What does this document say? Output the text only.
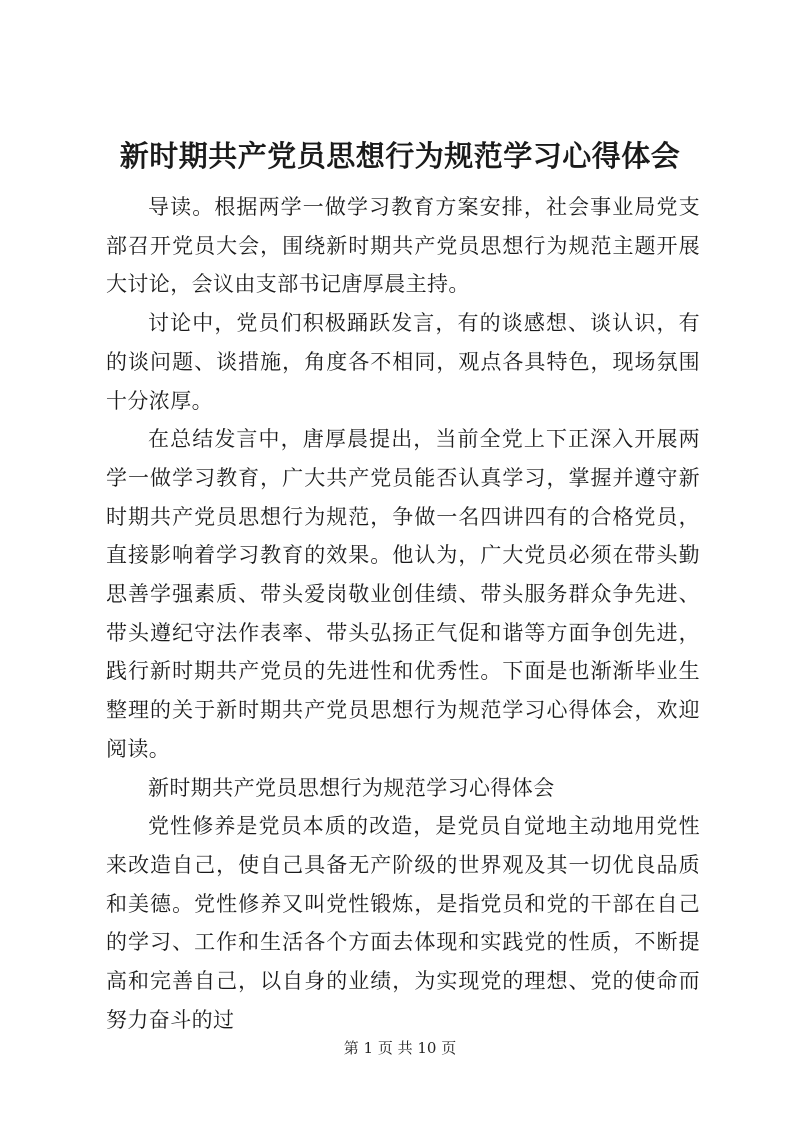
新时期共产党员思想行为规范学习心得体会

导读。根据两学一做学习教育方案安排，社会事业局党支部召开党员大会，围绕新时期共产党员思想行为规范主题开展大讨论，会议由支部书记唐厚晨主持。

讨论中，党员们积极踊跃发言，有的谈感想、谈认识，有的谈问题、谈措施，角度各不相同，观点各具特色，现场氛围十分浓厚。

在总结发言中，唐厚晨提出，当前全党上下正深入开展两学一做学习教育，广大共产党员能否认真学习，掌握并遵守新时期共产党员思想行为规范，争做一名四讲四有的合格党员，直接影响着学习教育的效果。他认为，广大党员必须在带头勤思善学强素质、带头爱岗敬业创佳绩、带头服务群众争先进、带头遵纪守法作表率、带头弘扬正气促和谐等方面争创先进，践行新时期共产党员的先进性和优秀性。下面是也渐渐毕业生整理的关于新时期共产党员思想行为规范学习心得体会，欢迎阅读。

新时期共产党员思想行为规范学习心得体会

党性修养是党员本质的改造，是党员自觉地主动地用党性来改造自己，使自己具备无产阶级的世界观及其一切优良品质和美德。党性修养又叫党性锻炼，是指党员和党的干部在自己的学习、工作和生活各个方面去体现和实践党的性质，不断提高和完善自己，以自身的业绩，为实现党的理想、党的使命而努力奋斗的过

第 1 页 共 10 页
